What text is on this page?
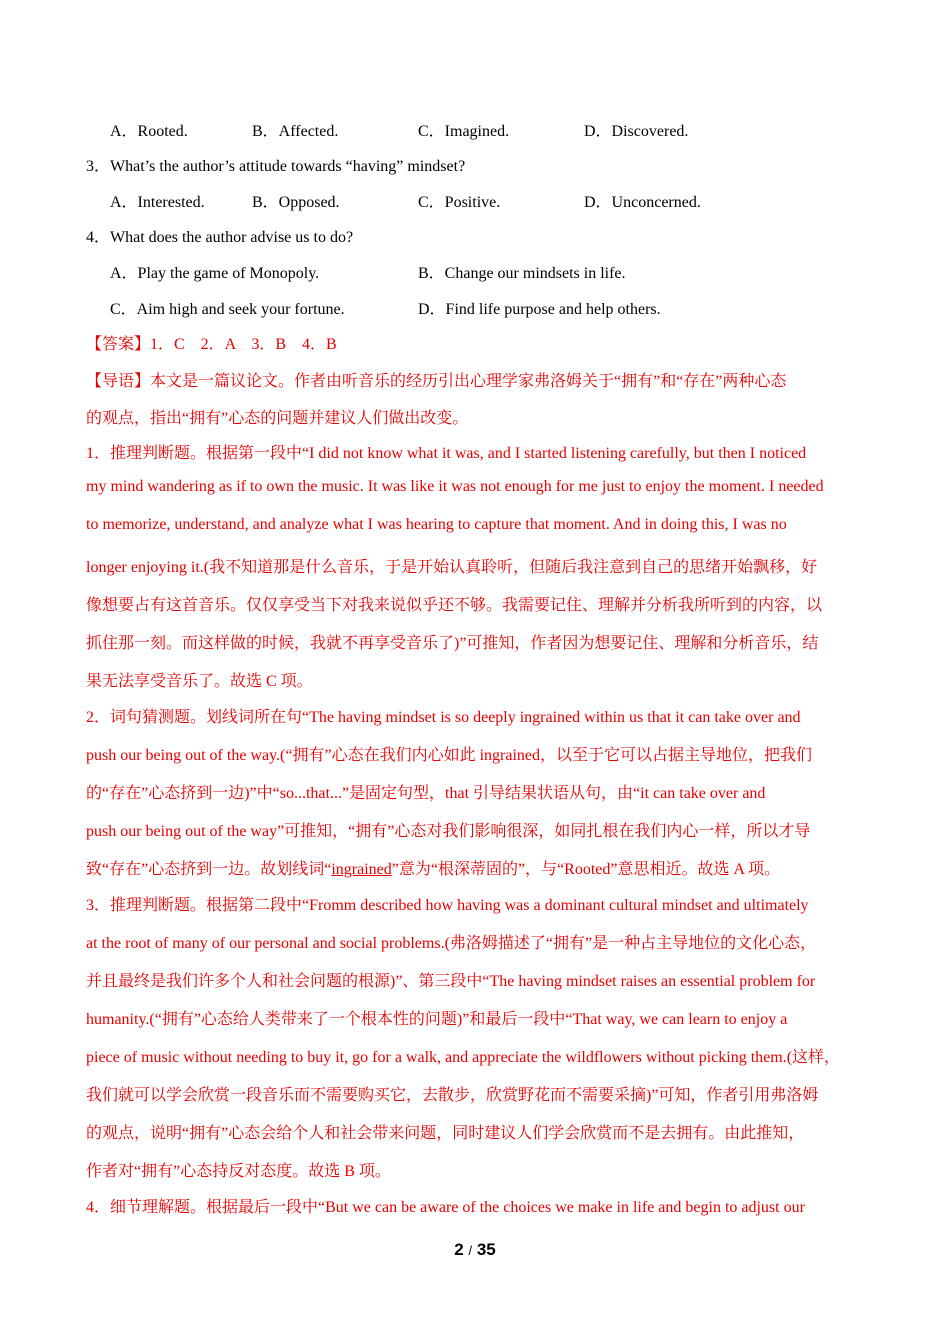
A．Rooted.	B．Affected.	C．Imagined.	D．Discovered.
3．What’s the author’s attitude towards “having” mindset?
A．Interested.	B．Opposed.	C．Positive.	D．Unconcerned.
4．What does the author advise us to do?
A．Play the game of Monopoly.	B．Change our mindsets in life.
C．Aim high and seek your fortune.	D．Find life purpose and help others.
【答案】1．C　2．A　3．B　4．B
【导语】本文是一篇议论文。作者由听音乐的经历引出心理学家弗洛姆关于“拥有”和“存在”两种心态
的观点，指出“拥有”心态的问题并建议人们做出改变。
1．推理判断题。根据第一段中“I did not know what it was, and I started listening carefully, but then I noticed
my mind wandering as if to own the music. It was like it was not enough for me just to enjoy the moment. I needed
to memorize, understand, and analyze what I was hearing to capture that moment. And in doing this, I was no
longer enjoying it.(我不知道那是什么音乐，于是开始认真聆听，但随后我注意到自己的思绪开始飘移，好
像想要占有这首音乐。仅仅享受当下对我来说似乎还不够。我需要记住、理解并分析我所听到的内容，以
抓住那一刻。而这样做的时候，我就不再享受音乐了)”可推知，作者因为想要记住、理解和分析音乐，结
果无法享受音乐了。故选 C 项。
2．词句猜测题。划线词所在句“The having mindset is so deeply ingrained within us that it can take over and
push our being out of the way.(“拥有”心态在我们内心如此 ingrained，以至于它可以占据主导地位，把我们
的“存在”心态挤到一边)”中“so...that...”是固定句型，that 引导结果状语从句，由“it can take over and
push our being out of the way”可推知，“拥有”心态对我们影响很深，如同扎根在我们内心一样，所以才导
致“存在”心态挤到一边。故划线词“ingrained”意为“根深蒂固的”，与“Rooted”意思相近。故选 A 项。
3．推理判断题。根据第二段中“Fromm described how having was a dominant cultural mindset and ultimately
at the root of many of our personal and social problems.(弗洛姆描述了“拥有”是一种占主导地位的文化心态，
并且最终是我们许多个人和社会问题的根源)”、第三段中“The having mindset raises an essential problem for
humanity.(“拥有”心态给人类带来了一个根本性的问题)”和最后一段中“That way, we can learn to enjoy a
piece of music without needing to buy it, go for a walk, and appreciate the wildflowers without picking them.(这样，
我们就可以学会欣赏一段音乐而不需要购买它，去散步，欣赏野花而不需要采摘)”可知，作者引用弗洛姆
的观点，说明“拥有”心态会给个人和社会带来问题，同时建议人们学会欣赏而不是去拥有。由此推知，
作者对“拥有”心态持反对态度。故选 B 项。
4．细节理解题。根据最后一段中“But we can be aware of the choices we make in life and begin to adjust our
2 / 35
